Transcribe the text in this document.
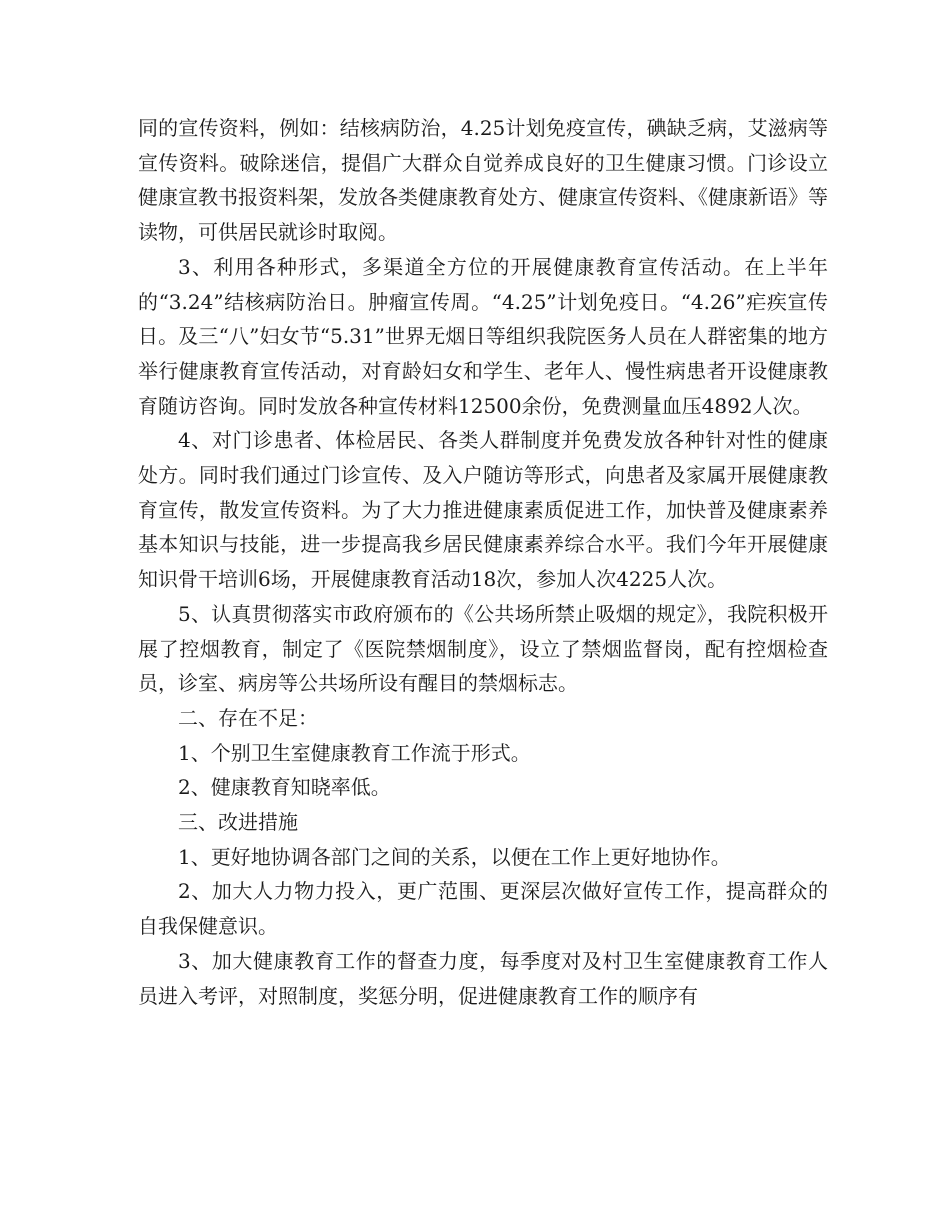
同的宣传资料，例如：结核病防治，4.25计划免疫宣传，碘缺乏病，艾滋病等宣传资料。破除迷信，提倡广大群众自觉养成良好的卫生健康习惯。门诊设立健康宣教书报资料架，发放各类健康教育处方、健康宣传资料、《健康新语》等读物，可供居民就诊时取阅。

3、利用各种形式，多渠道全方位的开展健康教育宣传活动。在上半年的“3.24”结核病防治日。肿瘤宣传周。“4.25”计划免疫日。“4.26”疟疾宣传日。及三“八”妇女节“5.31”世界无烟日等组织我院医务人员在人群密集的地方举行健康教育宣传活动，对育龄妇女和学生、老年人、慢性病患者开设健康教育随访咨询。同时发放各种宣传材料12500余份，免费测量血压4892人次。

4、对门诊患者、体检居民、各类人群制度并免费发放各种针对性的健康处方。同时我们通过门诊宣传、及入户随访等形式，向患者及家属开展健康教育宣传，散发宣传资料。为了大力推进健康素质促进工作，加快普及健康素养基本知识与技能，进一步提高我乡居民健康素养综合水平。我们今年开展健康知识骨干培训6场，开展健康教育活动18次，参加人次4225人次。

5、认真贯彻落实市政府颁布的《公共场所禁止吸烟的规定》，我院积极开展了控烟教育，制定了《医院禁烟制度》，设立了禁烟监督岗，配有控烟检查员，诊室、病房等公共场所设有醒目的禁烟标志。

二、存在不足：

1、个别卫生室健康教育工作流于形式。

2、健康教育知晓率低。

三、改进措施

1、更好地协调各部门之间的关系，以便在工作上更好地协作。

2、加大人力物力投入，更广范围、更深层次做好宣传工作，提高群众的自我保健意识。

3、加大健康教育工作的督查力度，每季度对及村卫生室健康教育工作人员进入考评，对照制度，奖惩分明，促进健康教育工作的顺序有
